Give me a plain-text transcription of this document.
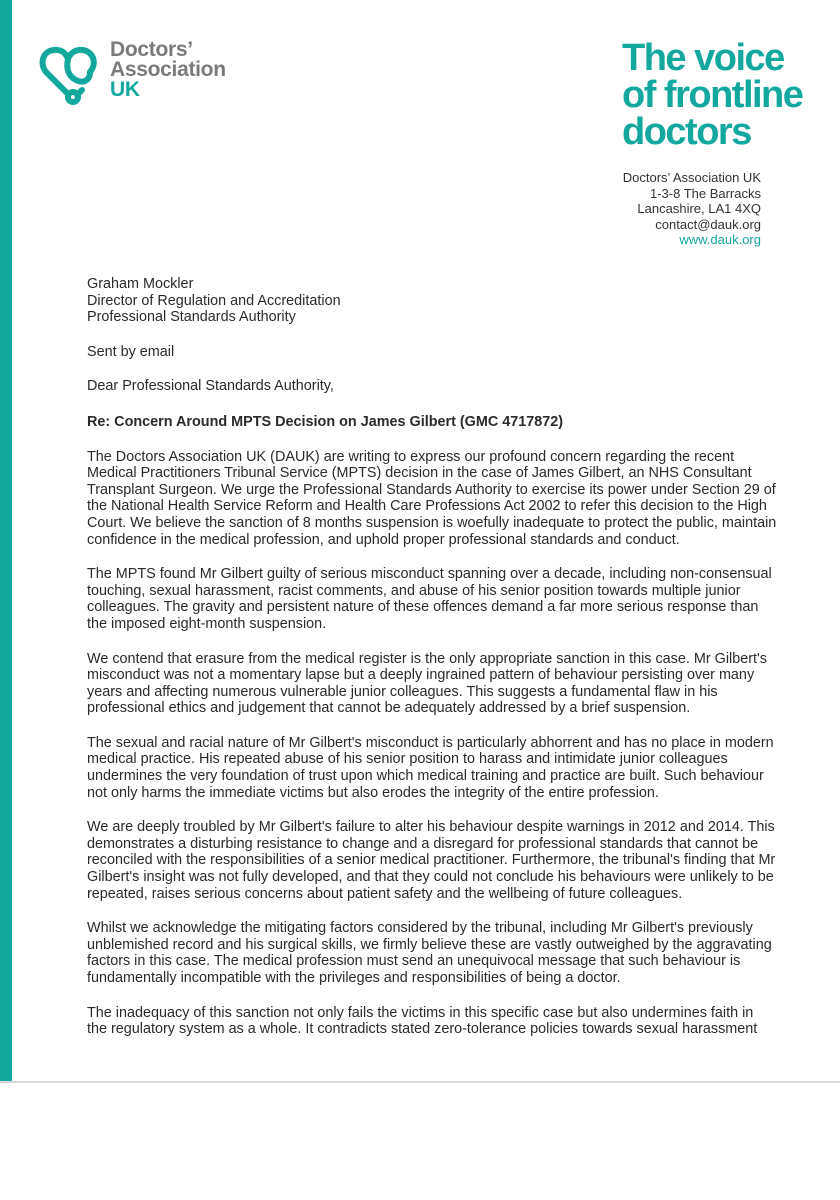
Doctors’
Association
UK
The voice
of frontline
doctors
Doctors’ Association UK
1-3-8 The Barracks
Lancashire, LA1 4XQ
contact@dauk.org
www.dauk.org
Graham Mockler
Director of Regulation and Accreditation
Professional Standards Authority
Sent by email
Dear Professional Standards Authority,
Re: Concern Around MPTS Decision on James Gilbert (GMC 4717872)
The Doctors Association UK (DAUK) are writing to express our profound concern regarding the recent Medical Practitioners Tribunal Service (MPTS) decision in the case of James Gilbert, an NHS Consultant Transplant Surgeon. We urge the Professional Standards Authority to exercise its power under Section 29 of the National Health Service Reform and Health Care Professions Act 2002 to refer this decision to the High Court. We believe the sanction of 8 months suspension is woefully inadequate to protect the public, maintain confidence in the medical profession, and uphold proper professional standards and conduct.
The MPTS found Mr Gilbert guilty of serious misconduct spanning over a decade, including non-consensual touching, sexual harassment, racist comments, and abuse of his senior position towards multiple junior colleagues. The gravity and persistent nature of these offences demand a far more serious response than the imposed eight-month suspension.
We contend that erasure from the medical register is the only appropriate sanction in this case. Mr Gilbert's misconduct was not a momentary lapse but a deeply ingrained pattern of behaviour persisting over many years and affecting numerous vulnerable junior colleagues. This suggests a fundamental flaw in his professional ethics and judgement that cannot be adequately addressed by a brief suspension.
The sexual and racial nature of Mr Gilbert's misconduct is particularly abhorrent and has no place in modern medical practice. His repeated abuse of his senior position to harass and intimidate junior colleagues undermines the very foundation of trust upon which medical training and practice are built. Such behaviour not only harms the immediate victims but also erodes the integrity of the entire profession.
We are deeply troubled by Mr Gilbert's failure to alter his behaviour despite warnings in 2012 and 2014. This demonstrates a disturbing resistance to change and a disregard for professional standards that cannot be reconciled with the responsibilities of a senior medical practitioner. Furthermore, the tribunal's finding that Mr Gilbert's insight was not fully developed, and that they could not conclude his behaviours were unlikely to be repeated, raises serious concerns about patient safety and the wellbeing of future colleagues.
Whilst we acknowledge the mitigating factors considered by the tribunal, including Mr Gilbert's previously unblemished record and his surgical skills, we firmly believe these are vastly outweighed by the aggravating factors in this case. The medical profession must send an unequivocal message that such behaviour is fundamentally incompatible with the privileges and responsibilities of being a doctor.
The inadequacy of this sanction not only fails the victims in this specific case but also undermines faith in the regulatory system as a whole. It contradicts stated zero-tolerance policies towards sexual harassment
